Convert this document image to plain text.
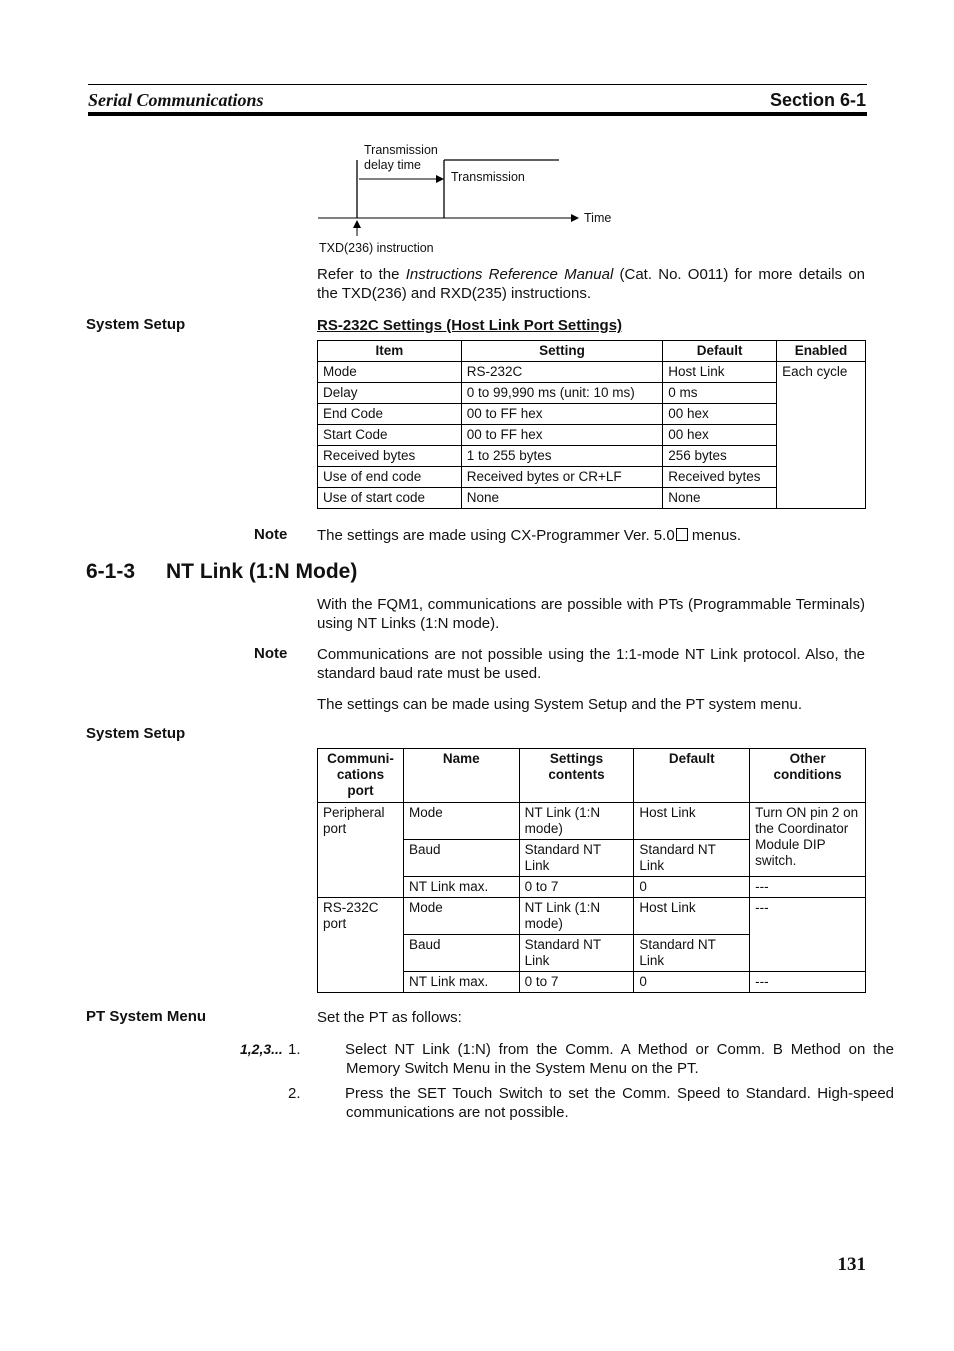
Serial Communications	Section 6-1
Transmission
delay time
Transmission
Time
TXD(236) instruction
Refer to the Instructions Reference Manual (Cat. No. O011) for more details on the TXD(236) and RXD(235) instructions.
System Setup	RS-232C Settings (Host Link Port Settings)
Item	Setting	Default	Enabled
Mode	RS-232C	Host Link	Each cycle
Delay	0 to 99,990 ms (unit: 10 ms)	0 ms	
End Code	00 to FF hex	00 hex	
Start Code	00 to FF hex	00 hex	
Received bytes	1 to 255 bytes	256 bytes	
Use of end code	Received bytes or CR+LF	Received bytes	
Use of start code	None	None	
Note The settings are made using CX-Programmer Ver. 5.0 menus.
6-1-3 NT Link (1:N Mode)
With the FQM1, communications are possible with PTs (Programmable Terminals) using NT Links (1:N mode).
Note Communications are not possible using the 1:1-mode NT Link protocol. Also, the standard baud rate must be used.
The settings can be made using System Setup and the PT system menu.
System Setup
Communi-cations port	Name	Settings contents	Default	Other conditions
Peripheral port	Mode	NT Link (1:N mode)	Host Link	Turn ON pin 2 on the Coordinator Module DIP switch.
	Baud	Standard NT Link	Standard NT Link	
	NT Link max.	0 to 7	0	---
RS-232C port	Mode	NT Link (1:N mode)	Host Link	---
	Baud	Standard NT Link	Standard NT Link	
	NT Link max.	0 to 7	0	---
PT System Menu	Set the PT as follows:
1,2,3... 1.	Select NT Link (1:N) from the Comm. A Method or Comm. B Method on the Memory Switch Menu in the System Menu on the PT.
2.	Press the SET Touch Switch to set the Comm. Speed to Standard. High-speed communications are not possible.
131
